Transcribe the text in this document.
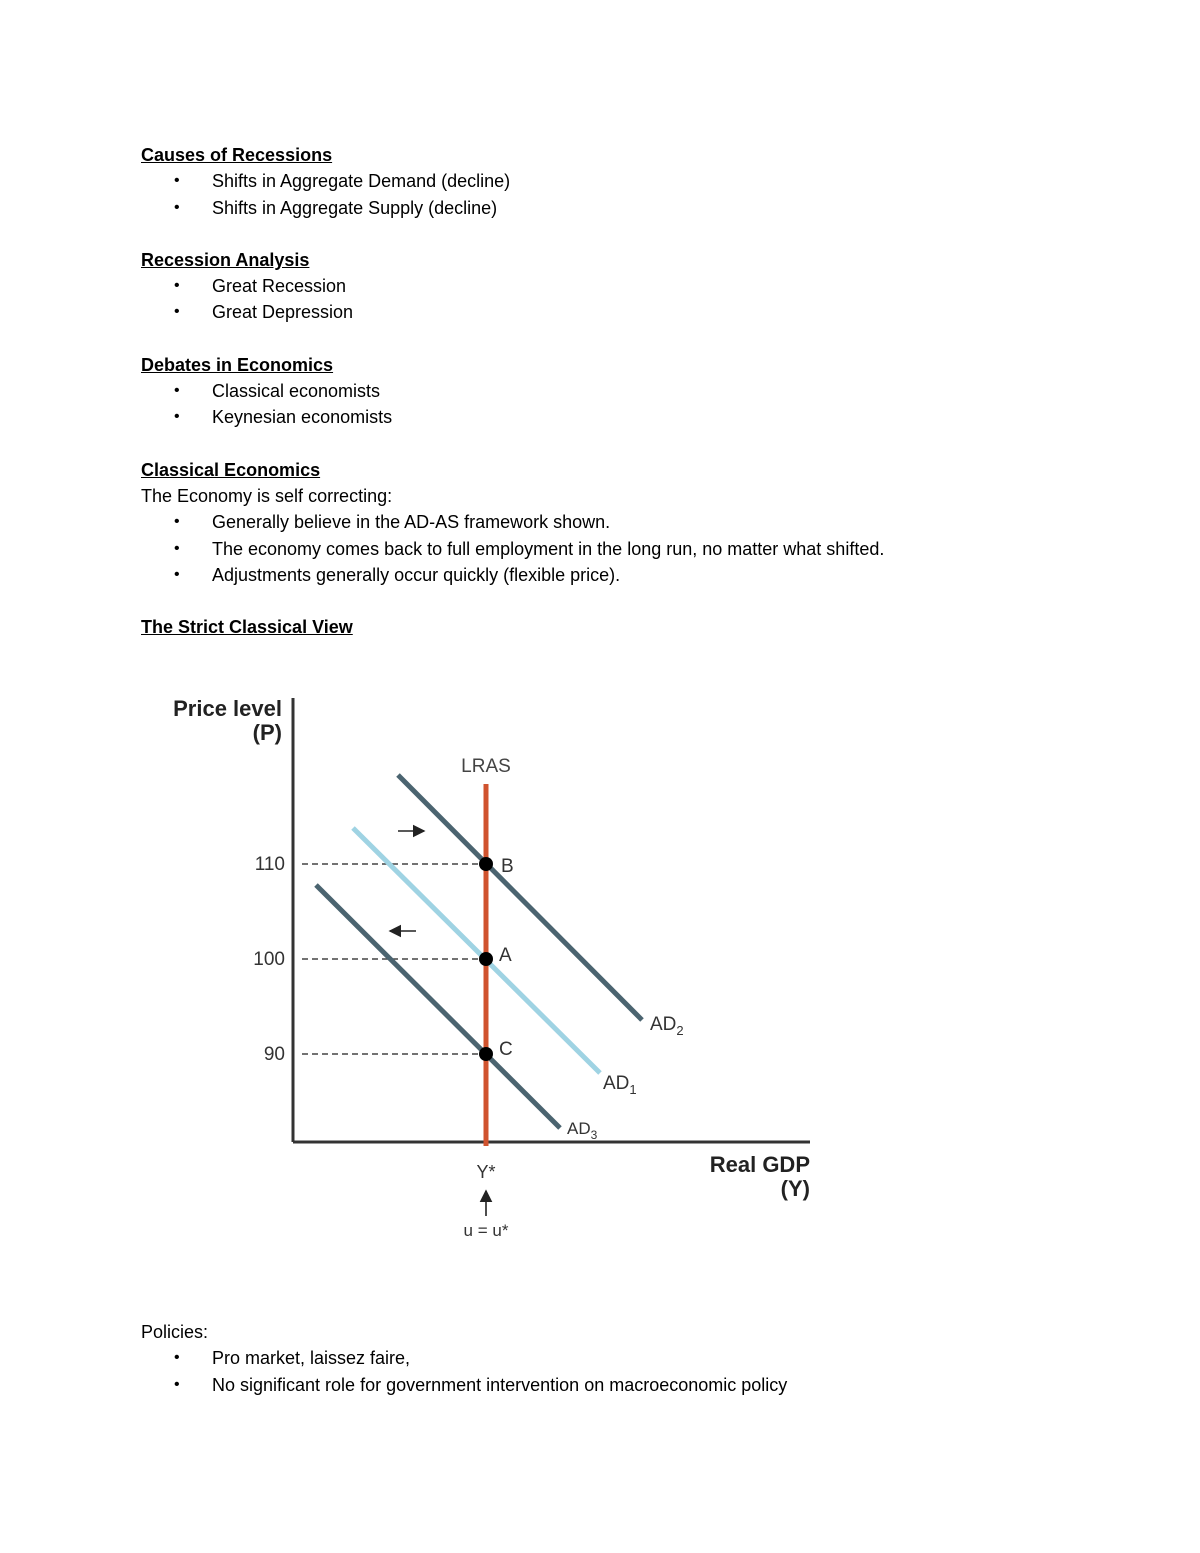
Causes of Recessions

• Shifts in Aggregate Demand (decline)
• Shifts in Aggregate Supply (decline)

Recession Analysis

• Great Recession
• Great Depression

Debates in Economics

• Classical economists
• Keynesian economists

Classical Economics

The Economy is self correcting:

• Generally believe in the AD-AS framework shown.
• The economy comes back to full employment in the long run, no matter what shifted.
• Adjustments generally occur quickly (flexible price).

The Strict Classical View

Price level
(P)
Real GDP
(Y)
110
100
90
LRAS
B
A
C
$AD_2$
$AD_1$
$AD_3$
Y*
u = u*

Policies:

• Pro market, laissez faire,
• No significant role for government intervention on macroeconomic policy
